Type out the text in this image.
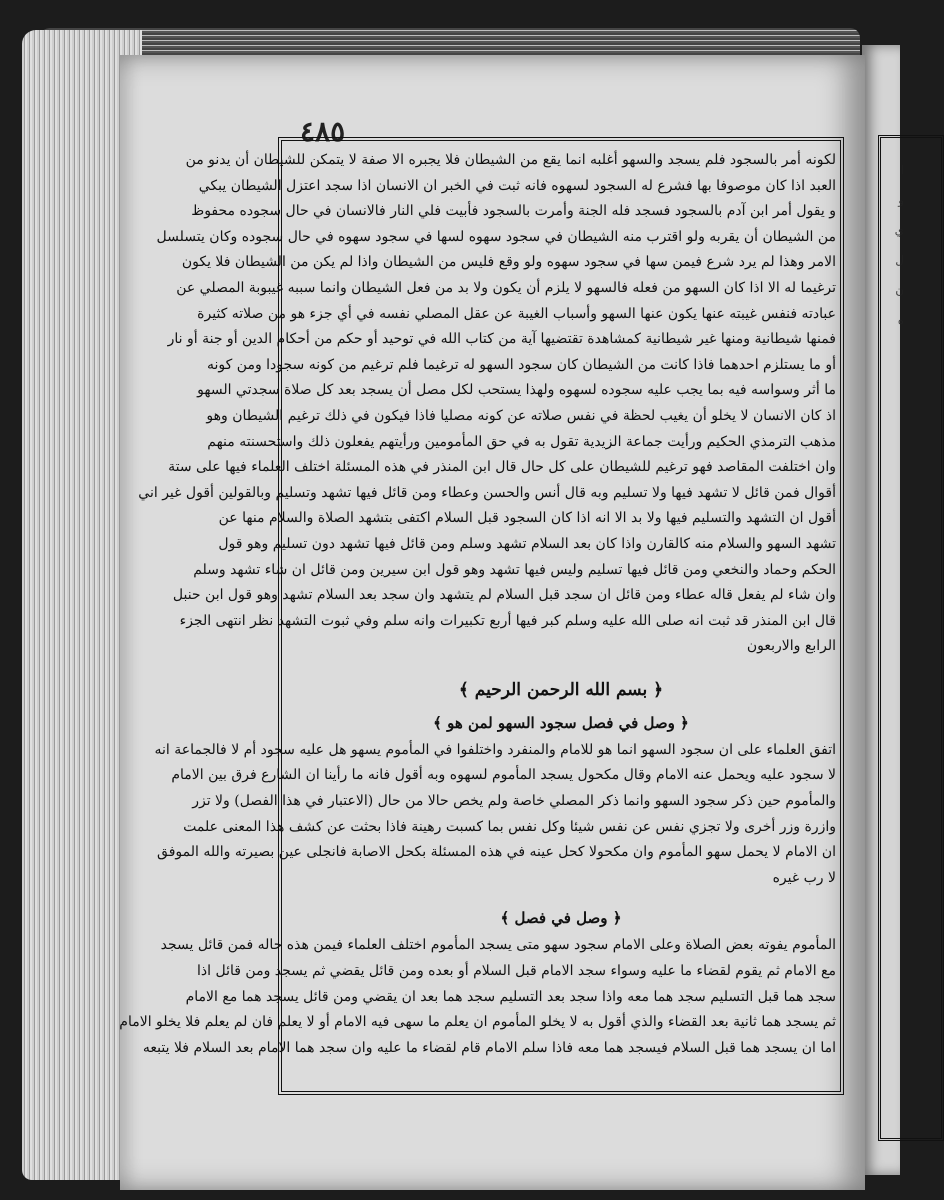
ا
و
ي
ل
ن
ه
٤٨٥
لكونه أمر بالسجود فلم يسجد والسهو أغلبه انما يقع من الشيطان فلا يجبره الا صفة لا يتمكن للشيطان أن يدنو من
العبد اذا كان موصوفا بها فشرع له السجود لسهوه فانه ثبت في الخبر ان الانسان اذا سجد اعتزل الشيطان يبكي
و يقول أمر ابن آدم بالسجود فسجد فله الجنة وأمرت بالسجود فأبيت فلي النار فالانسان في حال سجوده محفوظ
من الشيطان أن يقربه ولو اقترب منه الشيطان في سجود سهوه لسها في سجود سهوه في حال سجوده وكان يتسلسل
الامر وهذا لم يرد شرع فيمن سها في سجود سهوه ولو وقع فليس من الشيطان واذا لم يكن من الشيطان فلا يكون
ترغيما له الا اذا كان السهو من فعله فالسهو لا يلزم أن يكون ولا بد من فعل الشيطان وانما سببه غيبوبة المصلي عن
عبادته فنفس غيبته عنها يكون عنها السهو وأسباب الغيبة عن عقل المصلي نفسه في أي جزء هو من صلاته كثيرة
فمنها شيطانية ومنها غير شيطانية كمشاهدة تقتضيها آية من كتاب الله في توحيد أو حكم من أحكام الدين أو جنة أو نار
أو ما يستلزم احدهما فاذا كانت من الشيطان كان سجود السهو له ترغيما فلم ترغيم من كونه سجودا ومن كونه
ما أثر وسواسه فيه بما يجب عليه سجوده لسهوه ولهذا يستحب لكل مصل أن يسجد بعد كل صلاة سجدتي السهو
اذ كان الانسان لا يخلو أن يغيب لحظة في نفس صلاته عن كونه مصليا فاذا فيكون في ذلك ترغيم الشيطان وهو
مذهب الترمذي الحكيم ورأيت جماعة الزيدية تقول به في حق المأمومين ورأيتهم يفعلون ذلك واستحسنته منهم
وان اختلفت المقاصد فهو ترغيم للشيطان على كل حال قال ابن المنذر في هذه المسئلة اختلف العلماء فيها على ستة
أقوال فمن قائل لا تشهد فيها ولا تسليم وبه قال أنس والحسن وعطاء ومن قائل فيها تشهد وتسليم وبالقولين أقول غير اني
أقول ان التشهد والتسليم فيها ولا بد الا انه اذا كان السجود قبل السلام اكتفى بتشهد الصلاة والسلام منها عن
تشهد السهو والسلام منه كالقارن واذا كان بعد السلام تشهد وسلم ومن قائل فيها تشهد دون تسليم وهو قول
الحكم وحماد والنخعي ومن قائل فيها تسليم وليس فيها تشهد وهو قول ابن سيرين ومن قائل ان شاء تشهد وسلم
وان شاء لم يفعل قاله عطاء ومن قائل ان سجد قبل السلام لم يتشهد وان سجد بعد السلام تشهد وهو قول ابن حنبل
قال ابن المنذر قد ثبت انه صلى الله عليه وسلم كبر فيها أربع تكبيرات وانه سلم وفي ثبوت التشهد نظر انتهى الجزء
الرابع والاربعون
﴿ بسم الله الرحمن الرحيم ﴾
﴿ وصل في فصل سجود السهو لمن هو ﴾
اتفق العلماء على ان سجود السهو انما هو للامام والمنفرد واختلفوا في المأموم يسهو هل عليه سجود أم لا فالجماعة انه
لا سجود عليه ويحمل عنه الامام وقال مكحول يسجد المأموم لسهوه وبه أقول فانه ما رأينا ان الشارع فرق بين الامام
والمأموم حين ذكر سجود السهو وانما ذكر المصلي خاصة ولم يخص حالا من حال (الاعتبار في هذا الفصل) ولا تزر
وازرة وزر أخرى ولا تجزي نفس عن نفس شيئا وكل نفس بما كسبت رهينة فاذا بحثت عن كشف هذا المعنى علمت
ان الامام لا يحمل سهو المأموم وان مكحولا كحل عينه في هذه المسئلة بكحل الاصابة فانجلى عين بصيرته والله الموفق
لا رب غيره
﴿ وصل في فصل ﴾
المأموم يفوته بعض الصلاة وعلى الامام سجود سهو متى يسجد المأموم اختلف العلماء فيمن هذه حاله فمن قائل يسجد
مع الامام ثم يقوم لقضاء ما عليه وسواء سجد الامام قبل السلام أو بعده ومن قائل يقضي ثم يسجد ومن قائل اذا
سجد هما قبل التسليم سجد هما معه واذا سجد بعد التسليم سجد هما بعد ان يقضي ومن قائل يسجد هما مع الامام
ثم يسجد هما ثانية بعد القضاء والذي أقول به لا يخلو المأموم ان يعلم ما سهى فيه الامام أو لا يعلم فان لم يعلم فلا يخلو الامام
اما ان يسجد هما قبل السلام فيسجد هما معه فاذا سلم الامام قام لقضاء ما عليه وان سجد هما الامام بعد السلام فلا يتبعه
